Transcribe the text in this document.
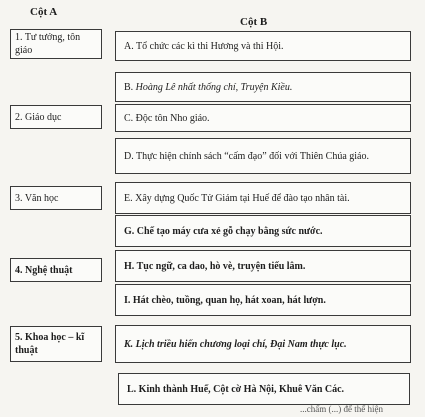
Cột A
Cột B
1. Tư tưởng, tôn giáo
2. Giáo dục
3. Văn học
4. Nghệ thuật
5. Khoa học – kĩ thuật
A. Tổ chức các kì thi Hương và thi Hội.
B. Hoàng Lê nhất thống chí, Truyện Kiều.
C. Độc tôn Nho giáo.
D. Thực hiện chính sách “cấm đạo” đối với Thiên Chúa giáo.
E. Xây dựng Quốc Tử Giám tại Huế để đào tạo nhân tài.
G. Chế tạo máy cưa xẻ gỗ chạy bằng sức nước.
H. Tục ngữ, ca dao, hò vè, truyện tiếu lâm.
I. Hát chèo, tuồng, quan họ, hát xoan, hát lượn.
K. Lịch triều hiến chương loại chí, Đại Nam thực lục.
L. Kinh thành Huế, Cột cờ Hà Nội, Khuê Văn Các.
...chấm (...) để thể hiện
